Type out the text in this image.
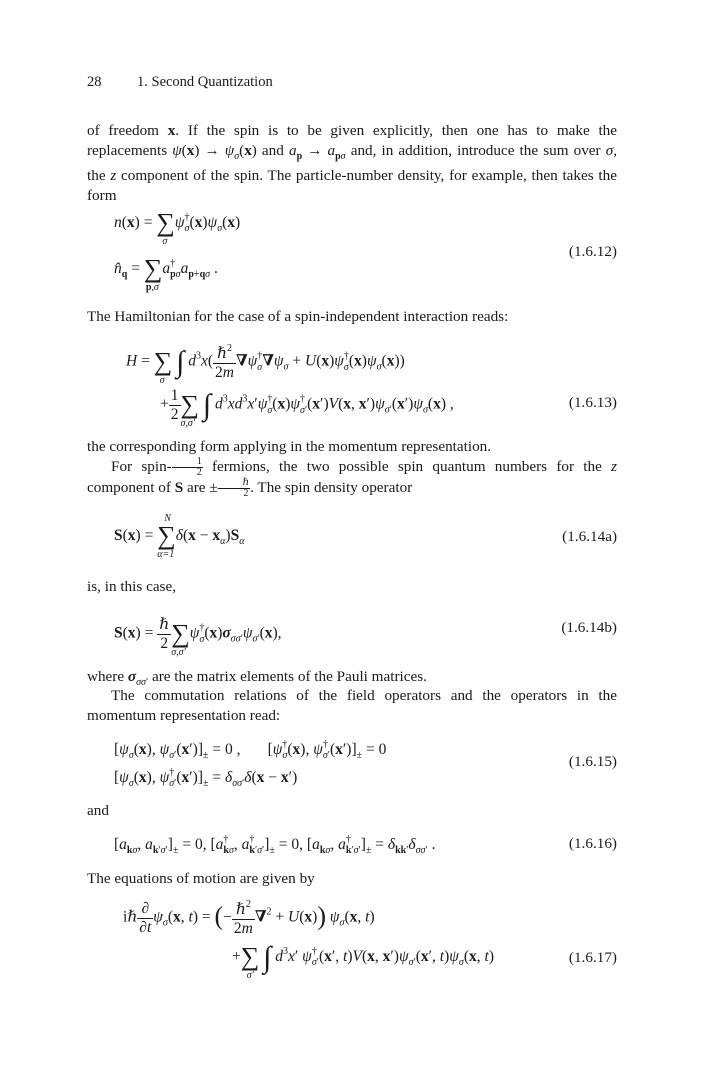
28 1. Second Quantization
of freedom x. If the spin is to be given explicitly, then one has to make the replacements $\psi(x) \to \psi_\sigma(x)$ and $a_p \to a_{p\sigma}$ and, in addition, introduce the sum over σ, the z component of the spin. The particle-number density, for example, then takes the form
n(x) = ∑
σ
$\psi^\dagger_\sigma(x)\psi_\sigma(x)$
$n̂_q$ = ∑
p,σ
$a^\dagger_{p\sigma}a_{p+q\sigma}$ .
(1.6.12)
The Hamiltonian for the case of a spin-independent interaction reads:
H = ∑
σ
∫ $d^3x( \frac{\hbar^2}{2m} \nabla\psi^\dagger_\sigma\nabla\psi_\sigma + U(x)\psi^\dagger_\sigma(x)\psi_\sigma(x))$
+ $\frac{1}{2}$ ∑
σ,σ′
∫ $d^3xd^3x'\psi^\dagger_\sigma(x)\psi^\dagger_{\sigma'}(x')V(x$, $x')\psi_{\sigma'}(x')\psi_\sigma(x)$ ,	(1.6.13)
the corresponding form applying in the momentum representation.
For spin- $\frac{1}{2}$ fermions, the two possible spin quantum numbers for the z component of S are ±	ℏ
2 . The spin density operator
S(x) =
N
∑
α=1
$\delta(x - x_\alpha)S_\alpha$	(1.6.14a)
is, in this case,
$S(x) = \frac{\text{ℏ}}{2}$ ∑
σ,σ′
$\psi^\dagger_\sigma(x)\sigma_{\sigma\sigma'}\psi_{\sigma'}(x)$,	(1.6.14b)
where $\sigma_{\sigma\sigma'}$ are the matrix elements of the Pauli matrices.
The commutation relations of the field operators and the operators in the momentum representation read:
[$\psi_\sigma(x)$, $\psi_{\sigma'}(x')]_\pm = 0$ ,       [$\psi^\dagger_\sigma(x)$, $\psi^\dagger_{\sigma'}(x')]_\pm = 0$
[$\psi_\sigma(x)$, $\psi^\dagger_{\sigma'}(x')]_\pm = \delta_{\sigma\sigma'}\delta(x - x')$
(1.6.15)
and
[$a_{k\sigma}$, $a_{k'\sigma'}]_\pm = 0$, [$a^\dagger_{k\sigma}$, $a^\dagger_{k'\sigma'}]_\pm = 0$, [$a_{k\sigma}$, $a^\dagger_{k'\sigma'}]_\pm = \delta_{kk'}\delta_{\sigma\sigma'}$ .	(1.6.16)
The equations of motion are given by
iℏ $\frac{\partial}{\partial t} \psi_\sigma(x$, t) = (− $\frac{\hbar^2}{2m} \nabla^2 + U(x)$) $\psi_\sigma(x$, t)
+∑
σ′
∫ $d^3x'$ $\psi^\dagger_{\sigma'}(x'$, t)V(x, $x')\psi_{\sigma'}(x'$, $t)\psi_\sigma(x$, t)	(1.6.17)
